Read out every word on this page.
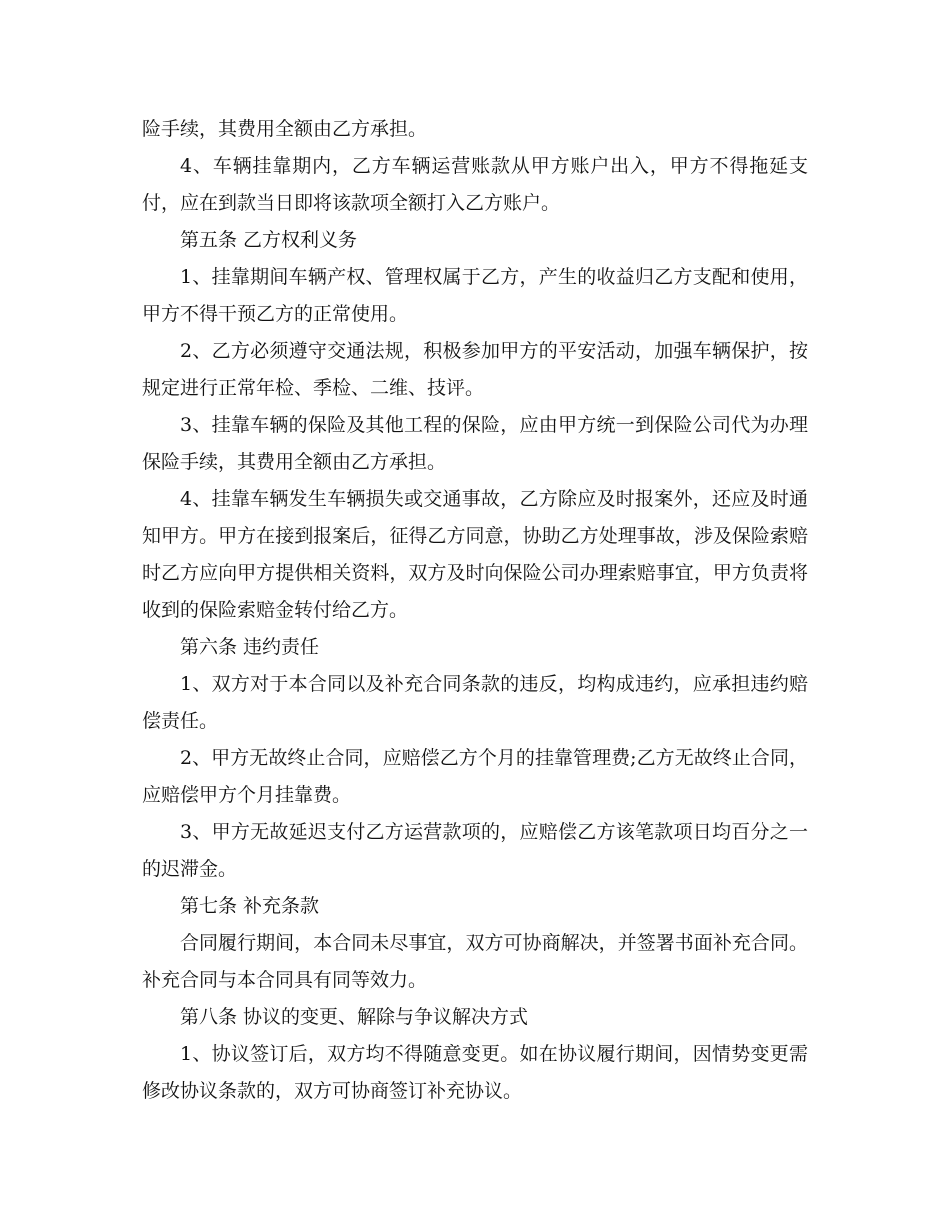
险手续，其费用全额由乙方承担。

4、车辆挂靠期内，乙方车辆运营账款从甲方账户出入，甲方不得拖延支付，应在到款当日即将该款项全额打入乙方账户。

第五条 乙方权利义务

1、挂靠期间车辆产权、管理权属于乙方，产生的收益归乙方支配和使用，甲方不得干预乙方的正常使用。

2、乙方必须遵守交通法规，积极参加甲方的平安活动，加强车辆保护，按规定进行正常年检、季检、二维、技评。

3、挂靠车辆的保险及其他工程的保险，应由甲方统一到保险公司代为办理保险手续，其费用全额由乙方承担。

4、挂靠车辆发生车辆损失或交通事故，乙方除应及时报案外，还应及时通知甲方。甲方在接到报案后，征得乙方同意，协助乙方处理事故，涉及保险索赔时乙方应向甲方提供相关资料，双方及时向保险公司办理索赔事宜，甲方负责将收到的保险索赔金转付给乙方。

第六条 违约责任

1、双方对于本合同以及补充合同条款的违反，均构成违约，应承担违约赔偿责任。

2、甲方无故终止合同，应赔偿乙方个月的挂靠管理费;乙方无故终止合同，应赔偿甲方个月挂靠费。

3、甲方无故延迟支付乙方运营款项的，应赔偿乙方该笔款项日均百分之一的迟滞金。

第七条 补充条款

合同履行期间，本合同未尽事宜，双方可协商解决，并签署书面补充合同。补充合同与本合同具有同等效力。

第八条 协议的变更、解除与争议解决方式

1、协议签订后，双方均不得随意变更。如在协议履行期间，因情势变更需修改协议条款的，双方可协商签订补充协议。
